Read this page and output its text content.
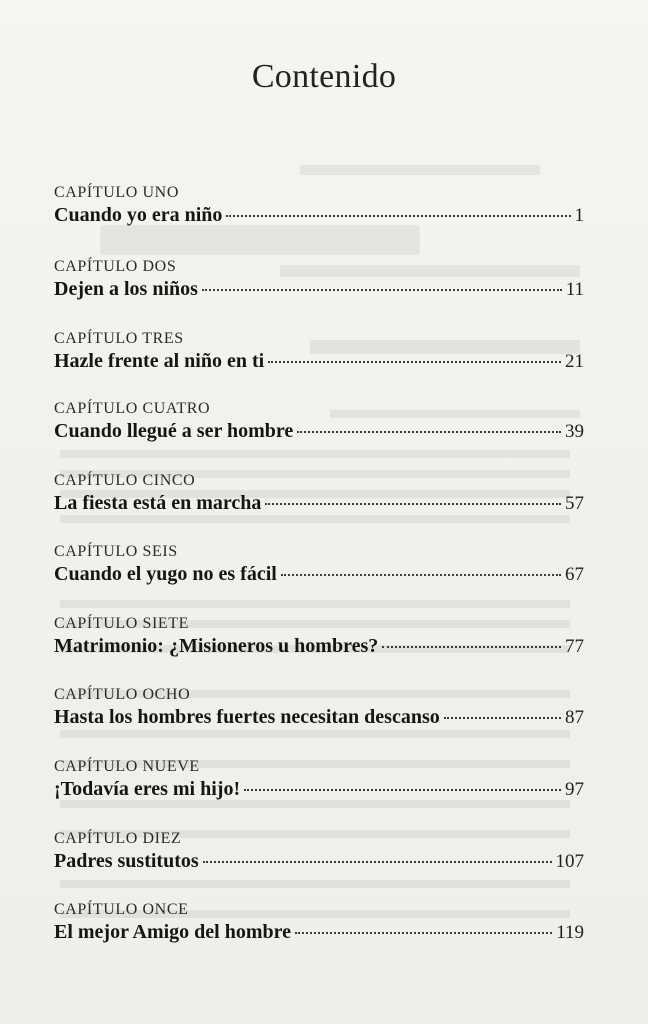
Contenido
CAPÍTULO UNO
Cuando yo era niño	1
CAPÍTULO DOS
Dejen a los niños	11
CAPÍTULO TRES
Hazle frente al niño en ti	21
CAPÍTULO CUATRO
Cuando llegué a ser hombre	39
CAPÍTULO CINCO
La fiesta está en marcha	57
CAPÍTULO SEIS
Cuando el yugo no es fácil	67
CAPÍTULO SIETE
Matrimonio: ¿Misioneros u hombres?	77
CAPÍTULO OCHO
Hasta los hombres fuertes necesitan descanso	87
CAPÍTULO NUEVE
¡Todavía eres mi hijo!	97
CAPÍTULO DIEZ
Padres sustitutos	107
CAPÍTULO ONCE
El mejor Amigo del hombre	119
